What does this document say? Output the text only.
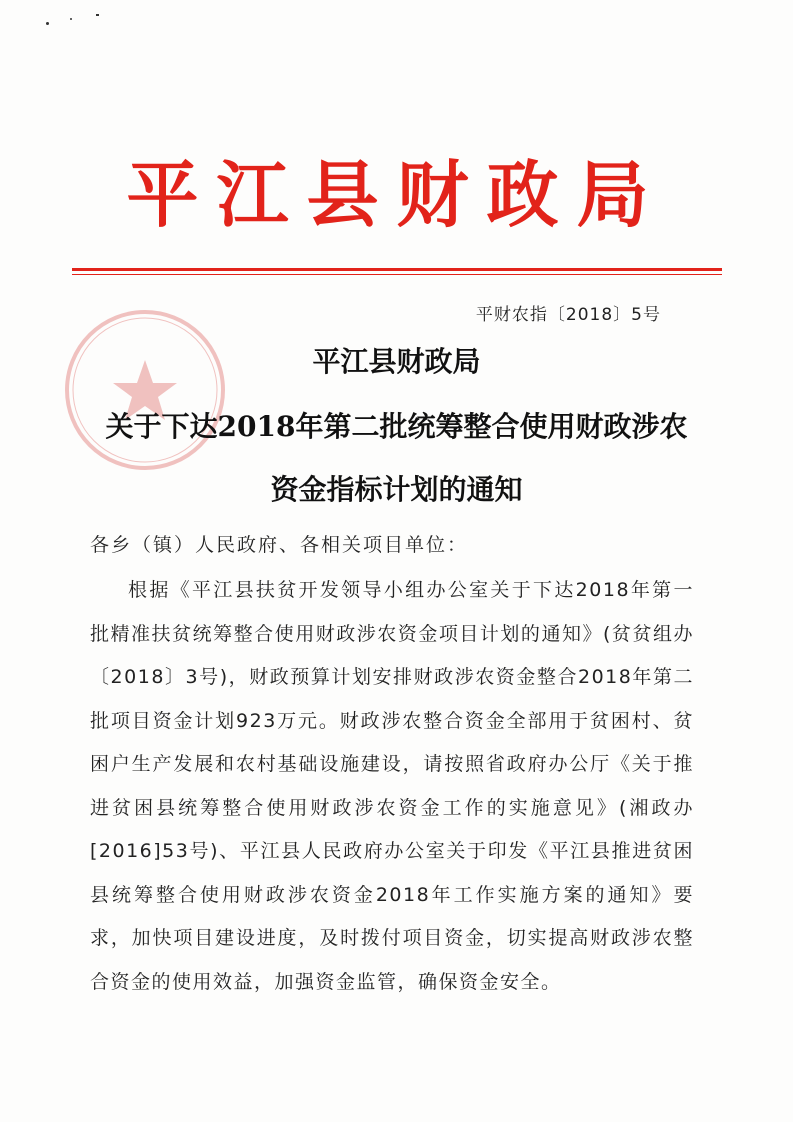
平江县财政局
平财农指〔2018〕5号
平江县财政局
关于下达2018年第二批统筹整合使用财政涉农
资金指标计划的通知
各乡（镇）人民政府、各相关项目单位：
根据《平江县扶贫开发领导小组办公室关于下达2018年第一批精准扶贫统筹整合使用财政涉农资金项目计划的通知》(贫贫组办〔2018〕3号)，财政预算计划安排财政涉农资金整合2018年第二批项目资金计划923万元。财政涉农整合资金全部用于贫困村、贫困户生产发展和农村基础设施建设，请按照省政府办公厅《关于推进贫困县统筹整合使用财政涉农资金工作的实施意见》(湘政办[2016]53号)、平江县人民政府办公室关于印发《平江县推进贫困县统筹整合使用财政涉农资金2018年工作实施方案的通知》要求，加快项目建设进度，及时拨付项目资金，切实提高财政涉农整合资金的使用效益，加强资金监管，确保资金安全。
